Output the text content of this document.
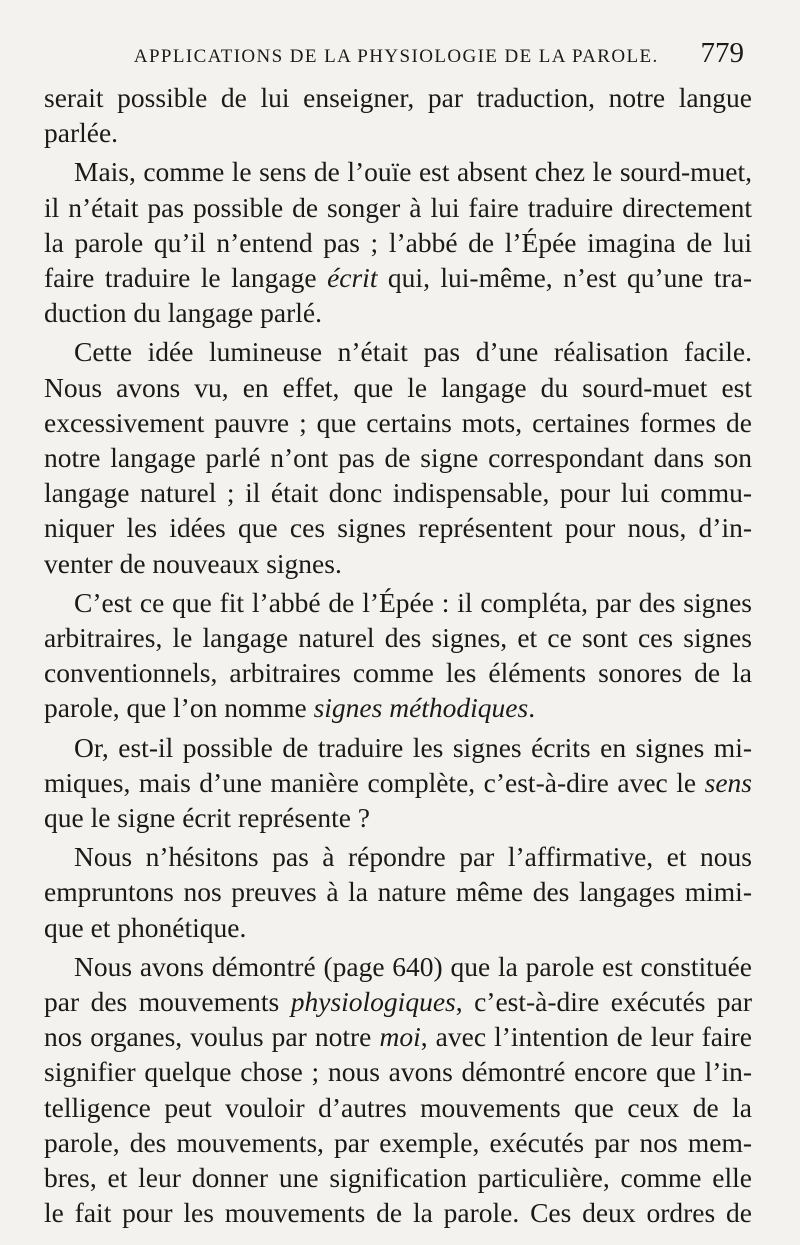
APPLICATIONS DE LA PHYSIOLOGIE DE LA PAROLE.	779
serait possible de lui enseigner, par traduction, notre langue
parlée.
Mais, comme le sens de l’ouïe est absent chez le sourd-muet,
il n’était pas possible de songer à lui faire traduire directement
la parole qu’il n’entend pas ; l’abbé de l’Épée imagina de lui
faire traduire le langage écrit qui, lui-même, n’est qu’une tra-
duction du langage parlé.
Cette idée lumineuse n’était pas d’une réalisation facile.
Nous avons vu, en effet, que le langage du sourd-muet est
excessivement pauvre ; que certains mots, certaines formes de
notre langage parlé n’ont pas de signe correspondant dans son
langage naturel ; il était donc indispensable, pour lui commu-
niquer les idées que ces signes représentent pour nous, d’in-
venter de nouveaux signes.
C’est ce que fit l’abbé de l’Épée : il compléta, par des signes
arbitraires, le langage naturel des signes, et ce sont ces signes
conventionnels, arbitraires comme les éléments sonores de la
parole, que l’on nomme signes méthodiques.
Or, est-il possible de traduire les signes écrits en signes mi-
miques, mais d’une manière complète, c’est-à-dire avec le sens
que le signe écrit représente ?
Nous n’hésitons pas à répondre par l’affirmative, et nous
empruntons nos preuves à la nature même des langages mimi-
que et phonétique.
Nous avons démontré (page 640) que la parole est constituée
par des mouvements physiologiques, c’est-à-dire exécutés par
nos organes, voulus par notre moi, avec l’intention de leur faire
signifier quelque chose ; nous avons démontré encore que l’in-
telligence peut vouloir d’autres mouvements que ceux de la
parole, des mouvements, par exemple, exécutés par nos mem-
bres, et leur donner une signification particulière, comme elle
le fait pour les mouvements de la parole. Ces deux ordres de
